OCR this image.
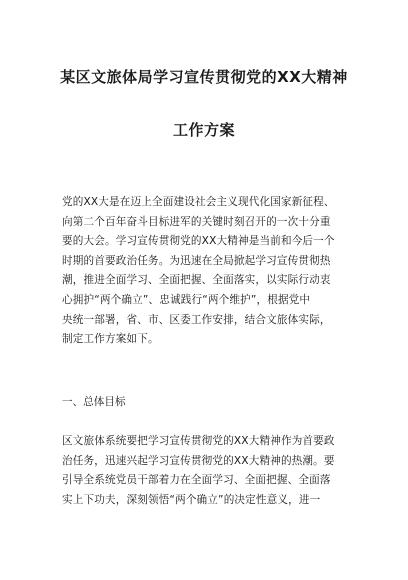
某区文旅体局学习宣传贯彻党的XX大精神
工作方案
党的XX大是在迈上全面建设社会主义现代化国家新征程、
向第二个百年奋斗目标进军的关键时刻召开的一次十分重
要的大会。学习宣传贯彻党的XX大精神是当前和今后一个
时期的首要政治任务。为迅速在全局掀起学习宣传贯彻热
潮，推进全面学习、全面把握、全面落实，以实际行动衷
心拥护“两个确立”、忠诚践行“两个维护”，根据党中
央统一部署，省、市、区委工作安排，结合文旅体实际，
制定工作方案如下。
一、总体目标
区文旅体系统要把学习宣传贯彻党的XX大精神作为首要政
治任务，迅速兴起学习宣传贯彻党的XX大精神的热潮。要
引导全系统党员干部着力在全面学习、全面把握、全面落
实上下功夫，深刻领悟“两个确立”的决定性意义，进一
